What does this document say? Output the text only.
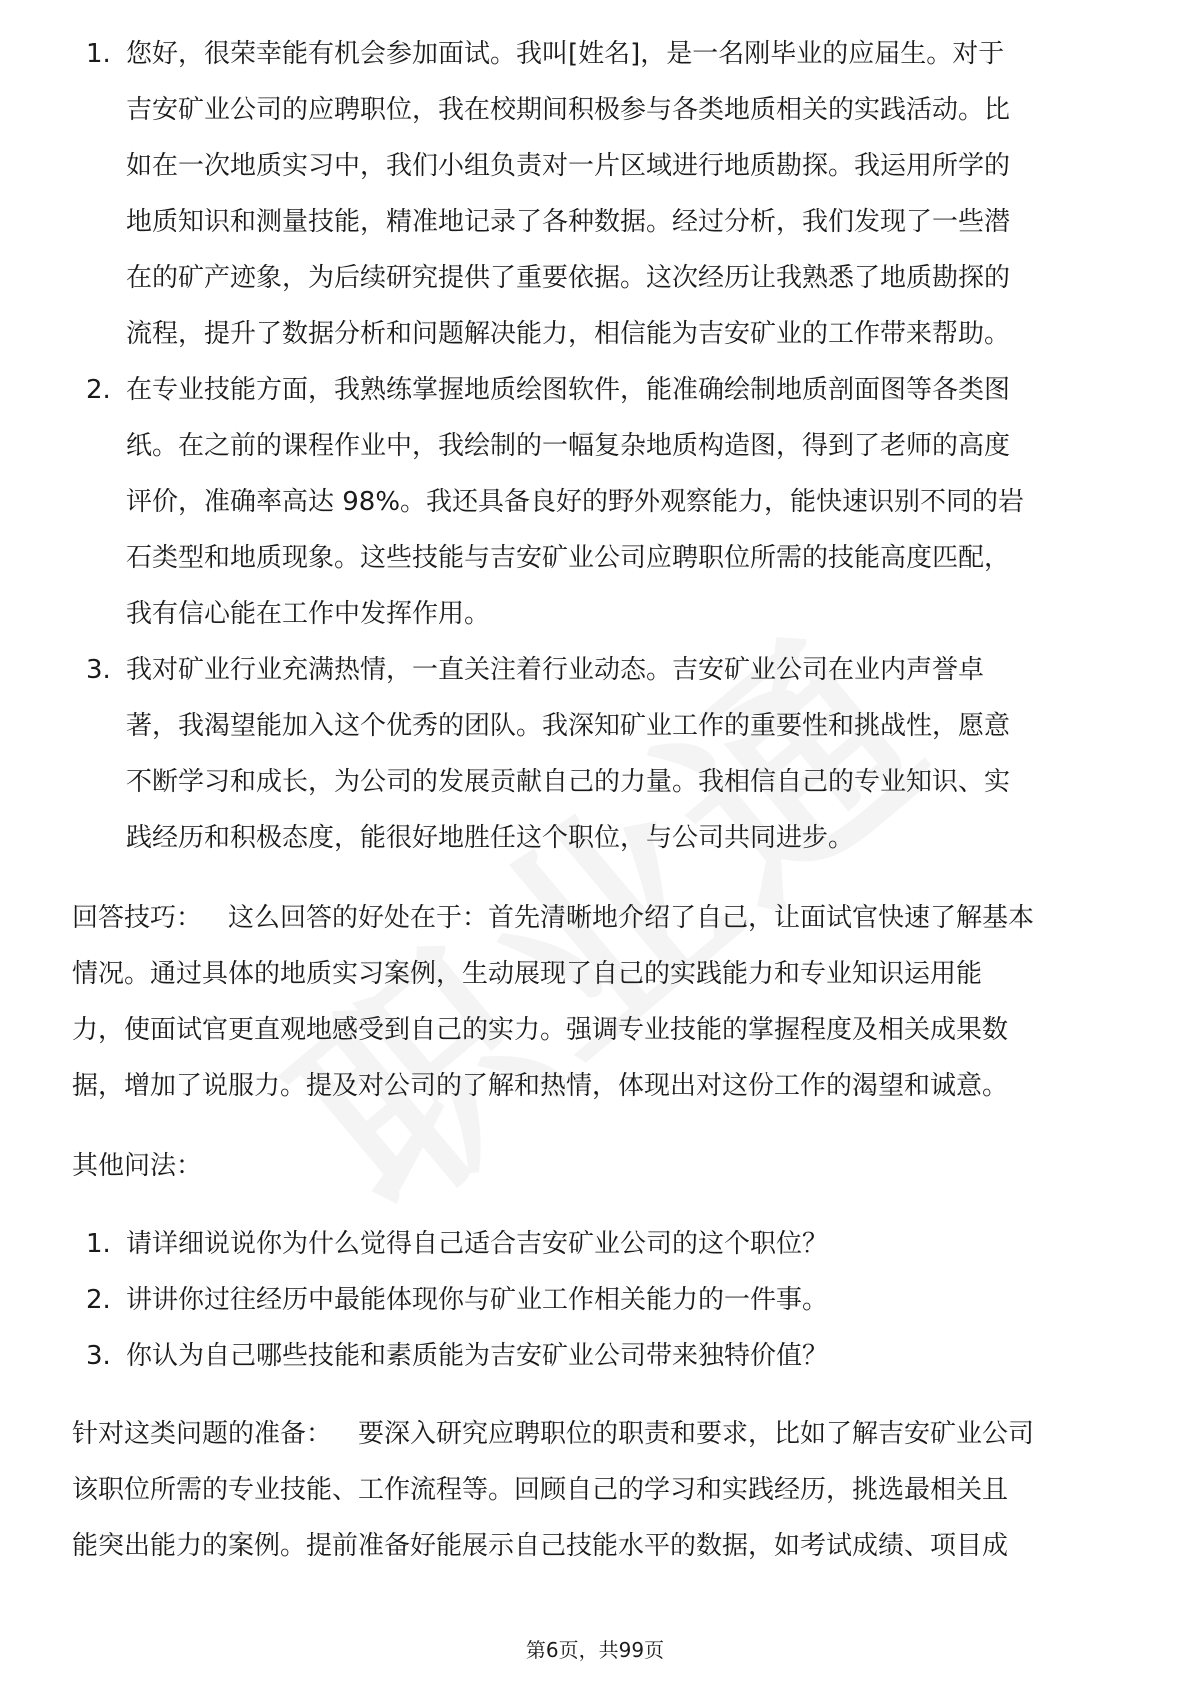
1. 您好，很荣幸能有机会参加面试。我叫[姓名]，是一名刚毕业的应届生。对于
吉安矿业公司的应聘职位，我在校期间积极参与各类地质相关的实践活动。比
如在一次地质实习中，我们小组负责对一片区域进行地质勘探。我运用所学的
地质知识和测量技能，精准地记录了各种数据。经过分析，我们发现了一些潜
在的矿产迹象，为后续研究提供了重要依据。这次经历让我熟悉了地质勘探的
流程，提升了数据分析和问题解决能力，相信能为吉安矿业的工作带来帮助。
2. 在专业技能方面，我熟练掌握地质绘图软件，能准确绘制地质剖面图等各类图
纸。在之前的课程作业中，我绘制的一幅复杂地质构造图，得到了老师的高度
评价，准确率高达 98%。我还具备良好的野外观察能力，能快速识别不同的岩
石类型和地质现象。这些技能与吉安矿业公司应聘职位所需的技能高度匹配，
我有信心能在工作中发挥作用。
3. 我对矿业行业充满热情，一直关注着行业动态。吉安矿业公司在业内声誉卓
著，我渴望能加入这个优秀的团队。我深知矿业工作的重要性和挑战性，愿意
不断学习和成长，为公司的发展贡献自己的力量。我相信自己的专业知识、实
践经历和积极态度，能很好地胜任这个职位，与公司共同进步。
回答技巧： 这么回答的好处在于：首先清晰地介绍了自己，让面试官快速了解基本
情况。通过具体的地质实习案例，生动展现了自己的实践能力和专业知识运用能
力，使面试官更直观地感受到自己的实力。强调专业技能的掌握程度及相关成果数
据，增加了说服力。提及对公司的了解和热情，体现出对这份工作的渴望和诚意。
其他问法：
1. 请详细说说你为什么觉得自己适合吉安矿业公司的这个职位？
2. 讲讲你过往经历中最能体现你与矿业工作相关能力的一件事。
3. 你认为自己哪些技能和素质能为吉安矿业公司带来独特价值？
针对这类问题的准备： 要深入研究应聘职位的职责和要求，比如了解吉安矿业公司
该职位所需的专业技能、工作流程等。回顾自己的学习和实践经历，挑选最相关且
能突出能力的案例。提前准备好能展示自己技能水平的数据，如考试成绩、项目成
第6页，共99页
